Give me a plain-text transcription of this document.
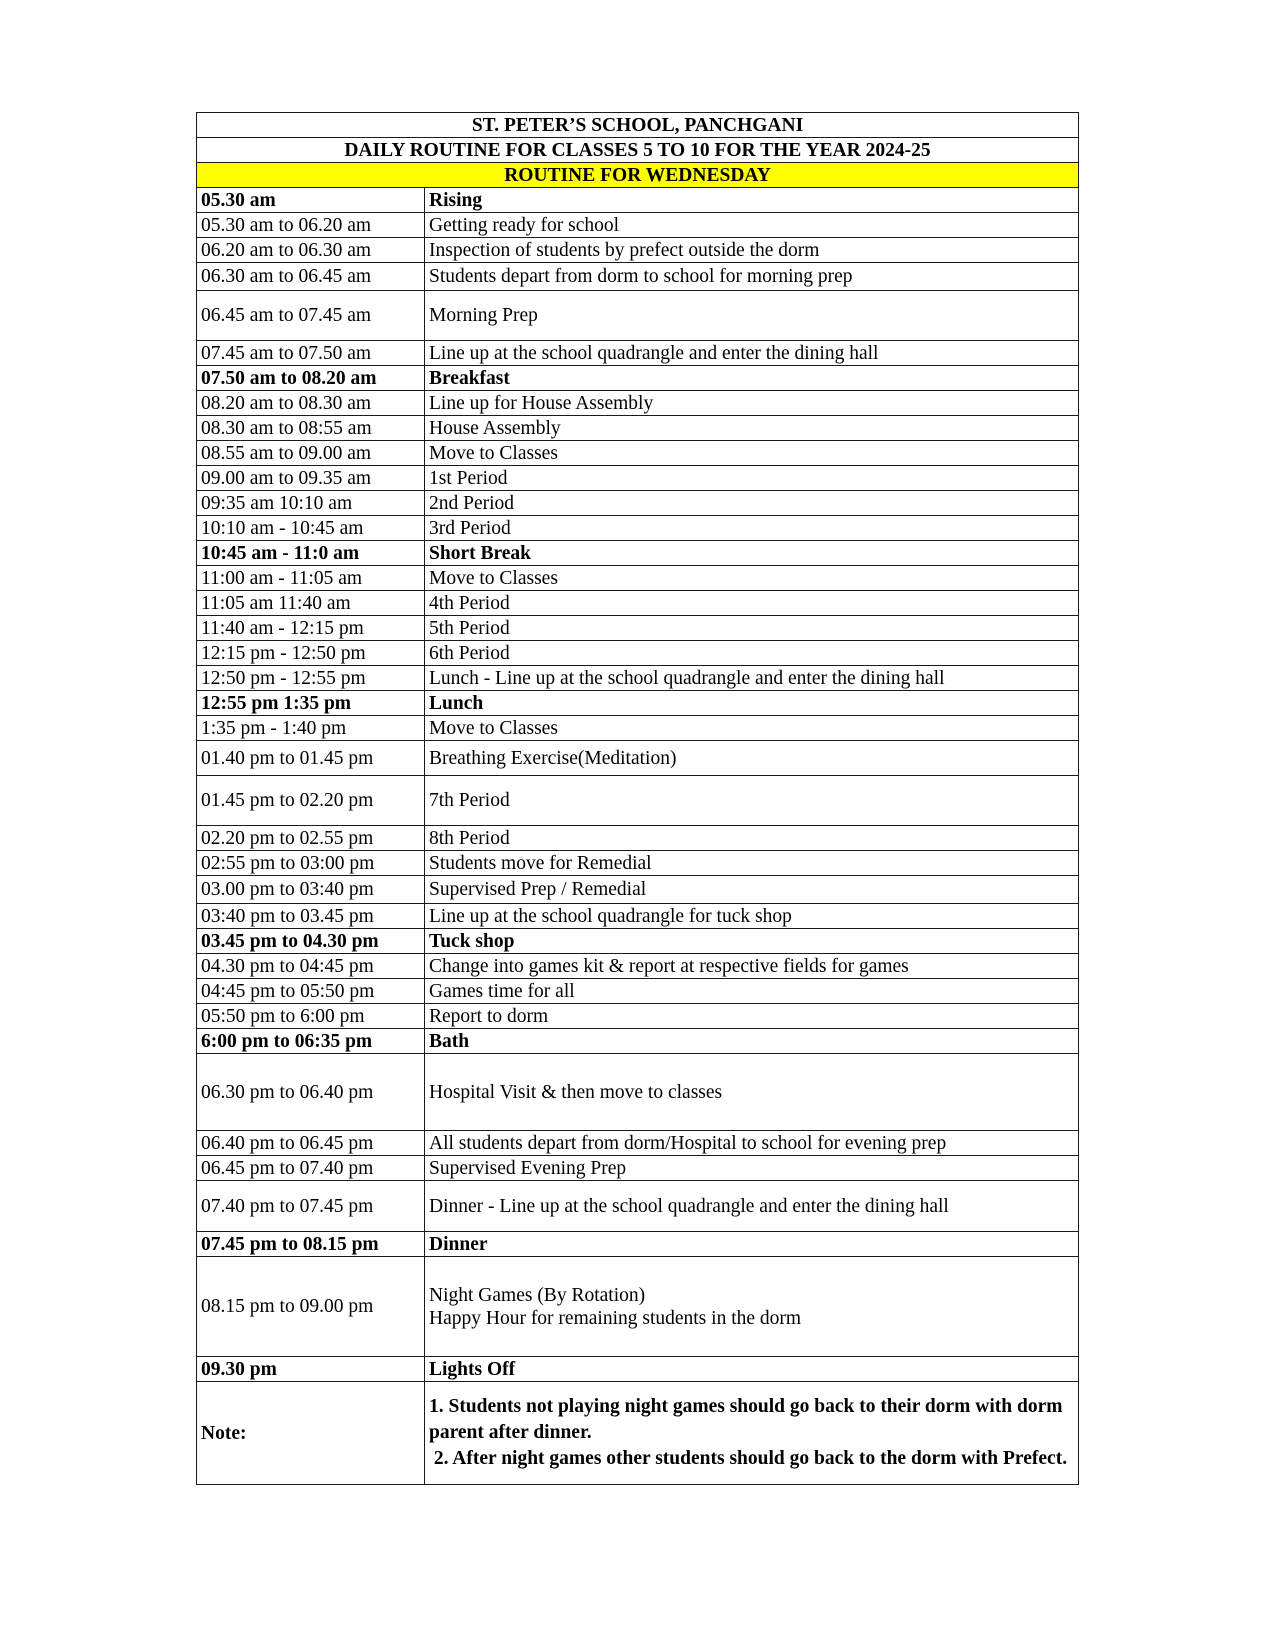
ST. PETER’S SCHOOL, PANCHGANI	
DAILY ROUTINE FOR CLASSES 5 TO 10 FOR THE YEAR 2024-25	
ROUTINE FOR WEDNESDAY	
05.30 am	Rising
05.30 am to 06.20 am	Getting ready for school
06.20 am to 06.30 am	Inspection of students by prefect outside the dorm
06.30 am to 06.45 am	Students depart from dorm to school for morning prep
06.45 am to 07.45 am	Morning Prep
07.45 am to 07.50 am	Line up at the school quadrangle and enter the dining hall
07.50 am to 08.20 am	Breakfast
08.20 am to 08.30 am	Line up for House Assembly
08.30 am to 08:55 am	House Assembly
08.55 am to 09.00 am	Move to Classes
09.00 am to 09.35 am	1st Period
09:35 am 10:10 am	2nd Period
10:10 am - 10:45 am	3rd Period
10:45 am - 11:0 am	Short Break
11:00 am - 11:05 am	Move to Classes
11:05 am 11:40 am	4th Period
11:40 am - 12:15 pm	5th Period
12:15 pm - 12:50 pm	6th Period
12:50 pm - 12:55 pm	Lunch - Line up at the school quadrangle and enter the dining hall
12:55 pm 1:35 pm	Lunch
1:35 pm - 1:40 pm	Move to Classes
01.40 pm to 01.45 pm	Breathing Exercise(Meditation)
01.45 pm to 02.20 pm	7th Period
02.20 pm to 02.55 pm	8th Period
02:55 pm to 03:00 pm	Students move for Remedial
03.00 pm to 03:40 pm	Supervised Prep / Remedial
03:40 pm to 03.45 pm	Line up at the school quadrangle for tuck shop
03.45 pm to 04.30 pm	Tuck shop
04.30 pm to 04:45 pm	Change into games kit & report at respective fields for games
04:45 pm to 05:50 pm	Games time for all
05:50 pm to 6:00 pm	Report to dorm
6:00 pm to 06:35 pm	Bath
06.30 pm to 06.40 pm	Hospital Visit & then move to classes
06.40 pm to 06.45 pm	All students depart from dorm/Hospital to school for evening prep
06.45 pm to 07.40 pm	Supervised Evening Prep
07.40 pm to 07.45 pm	Dinner - Line up at the school quadrangle and enter the dining hall
07.45 pm to 08.15 pm	Dinner
08.15 pm to 09.00 pm	Night Games (By Rotation)
Happy Hour for remaining students in the dorm

09.30 pm	Lights Off
Note:	1. Students not playing night games should go back to their dorm with dorm parent after dinner.
2. After night games other students should go back to the dorm with Prefect.
